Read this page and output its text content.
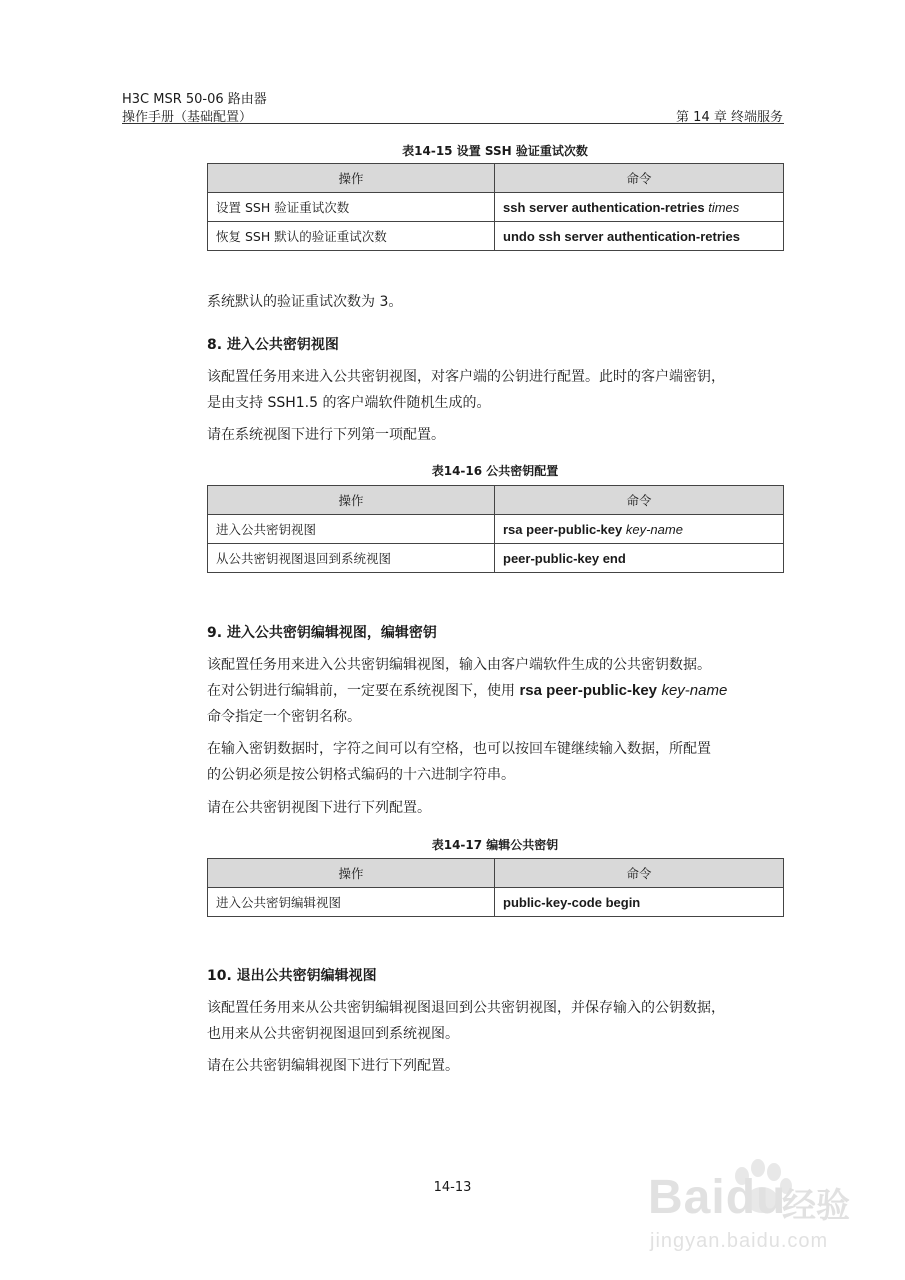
H3C MSR 50-06 路由器
操作手册（基础配置）	第 14 章 终端服务
表14-15 设置 SSH 验证重试次数
操作	命令
设置 SSH 验证重试次数	ssh server authentication-retries times
恢复 SSH 默认的验证重试次数	undo ssh server authentication-retries
系统默认的验证重试次数为 3。
8. 进入公共密钥视图
该配置任务用来进入公共密钥视图，对客户端的公钥进行配置。此时的客户端密钥，
是由支持 SSH1.5 的客户端软件随机生成的。
请在系统视图下进行下列第一项配置。
表14-16 公共密钥配置
操作	命令
进入公共密钥视图	rsa peer-public-key key-name
从公共密钥视图退回到系统视图	peer-public-key end
9. 进入公共密钥编辑视图，编辑密钥
该配置任务用来进入公共密钥编辑视图，输入由客户端软件生成的公共密钥数据。
在对公钥进行编辑前，一定要在系统视图下，使用 rsa peer-public-key key-name
命令指定一个密钥名称。
在输入密钥数据时，字符之间可以有空格，也可以按回车键继续输入数据，所配置
的公钥必须是按公钥格式编码的十六进制字符串。
请在公共密钥视图下进行下列配置。
表14-17 编辑公共密钥
操作	命令
进入公共密钥编辑视图	public-key-code begin
10. 退出公共密钥编辑视图
该配置任务用来从公共密钥编辑视图退回到公共密钥视图，并保存输入的公钥数据，
也用来从公共密钥视图退回到系统视图。
请在公共密钥编辑视图下进行下列配置。
14-13	Baidu
经验
jingyan.baidu.com
